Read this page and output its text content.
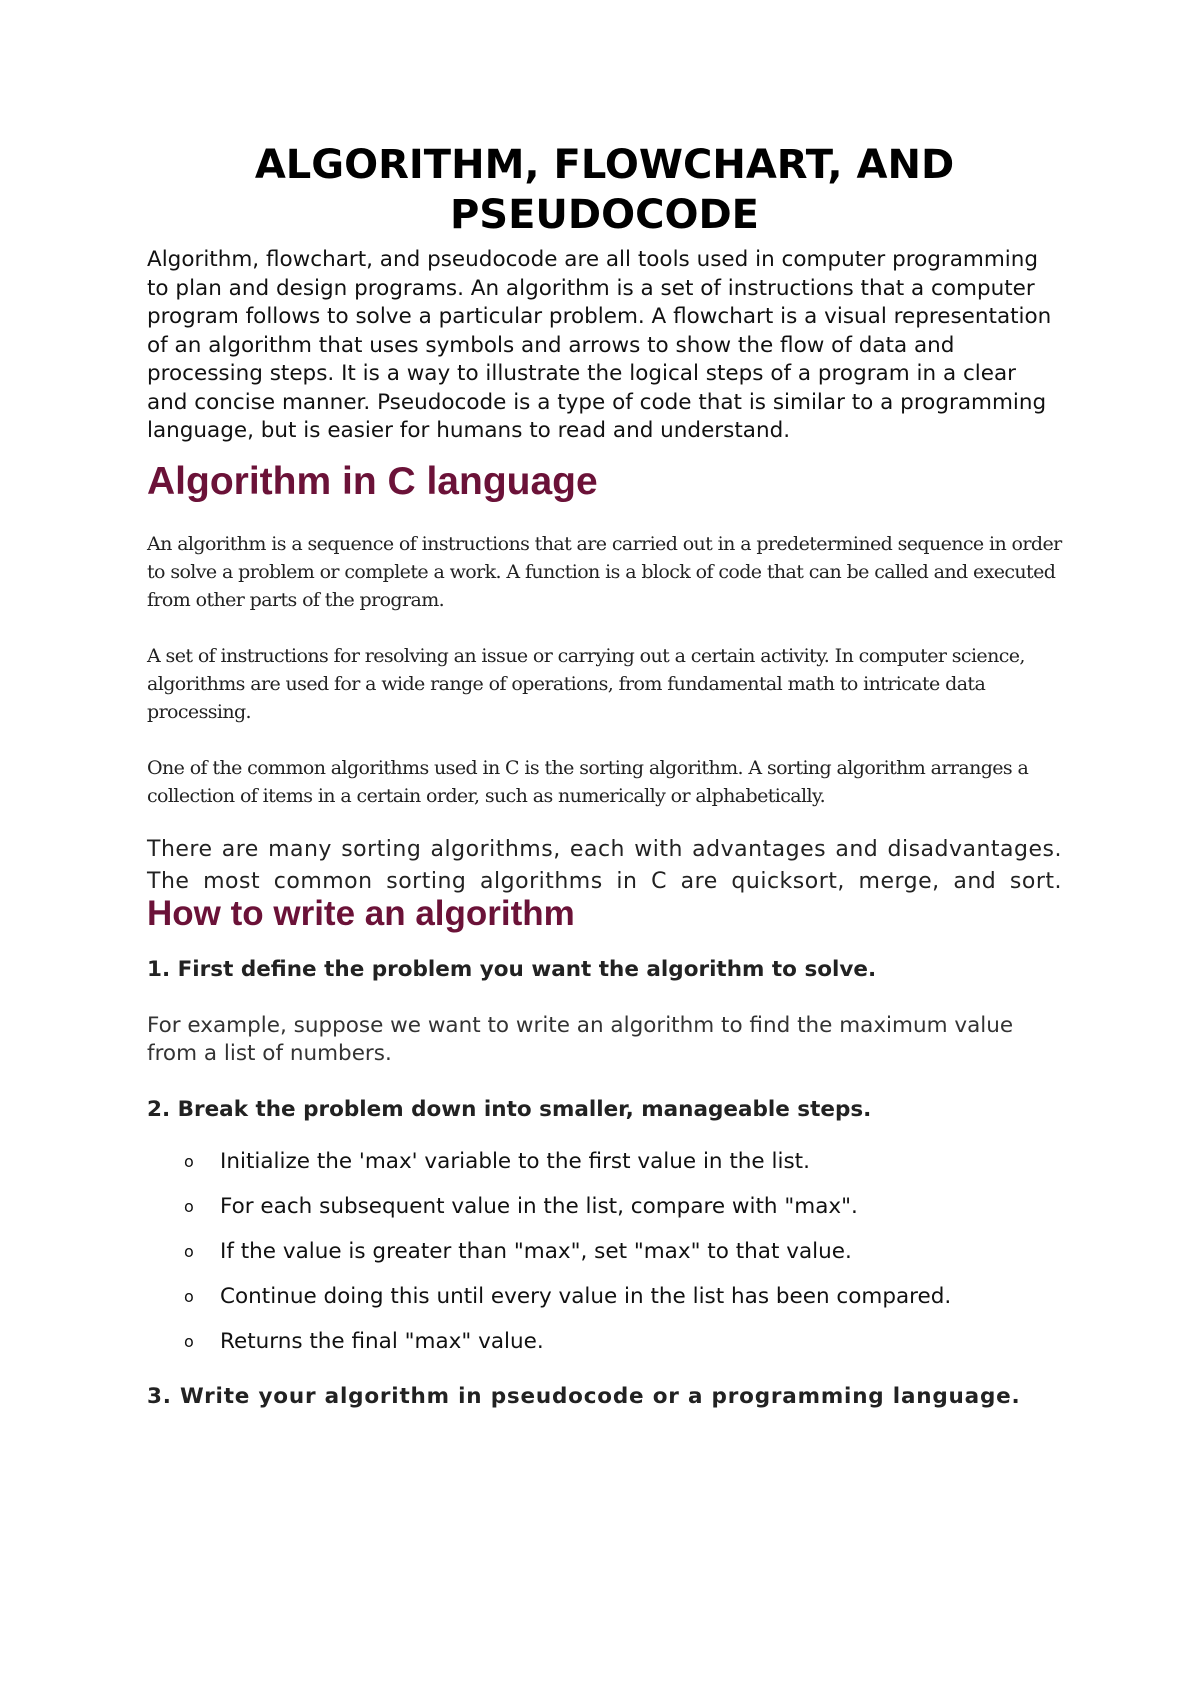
ALGORITHM, FLOWCHART, AND PSEUDOCODE

Algorithm, flowchart, and pseudocode are all tools used in computer programming to plan and design programs. An algorithm is a set of instructions that a computer program follows to solve a particular problem. A flowchart is a visual representation of an algorithm that uses symbols and arrows to show the flow of data and processing steps. It is a way to illustrate the logical steps of a program in a clear and concise manner. Pseudocode is a type of code that is similar to a programming language, but is easier for humans to read and understand.

Algorithm in C language

An algorithm is a sequence of instructions that are carried out in a predetermined sequence in order to solve a problem or complete a work. A function is a block of code that can be called and executed from other parts of the program.

A set of instructions for resolving an issue or carrying out a certain activity. In computer science, algorithms are used for a wide range of operations, from fundamental math to intricate data processing.

One of the common algorithms used in C is the sorting algorithm. A sorting algorithm arranges a collection of items in a certain order, such as numerically or alphabetically.

There are many sorting algorithms, each with advantages and disadvantages. The most common sorting algorithms in C are quicksort, merge, and sort. How to write an algorithm

1. First define the problem you want the algorithm to solve.

For example, suppose we want to write an algorithm to find the maximum value from a list of numbers.

2. Break the problem down into smaller, manageable steps.

o Initialize the 'max' variable to the first value in the list.
o For each subsequent value in the list, compare with "max".
o If the value is greater than "max", set "max" to that value.
o Continue doing this until every value in the list has been compared.
o Returns the final "max" value.

3. Write your algorithm in pseudocode or a programming language.
